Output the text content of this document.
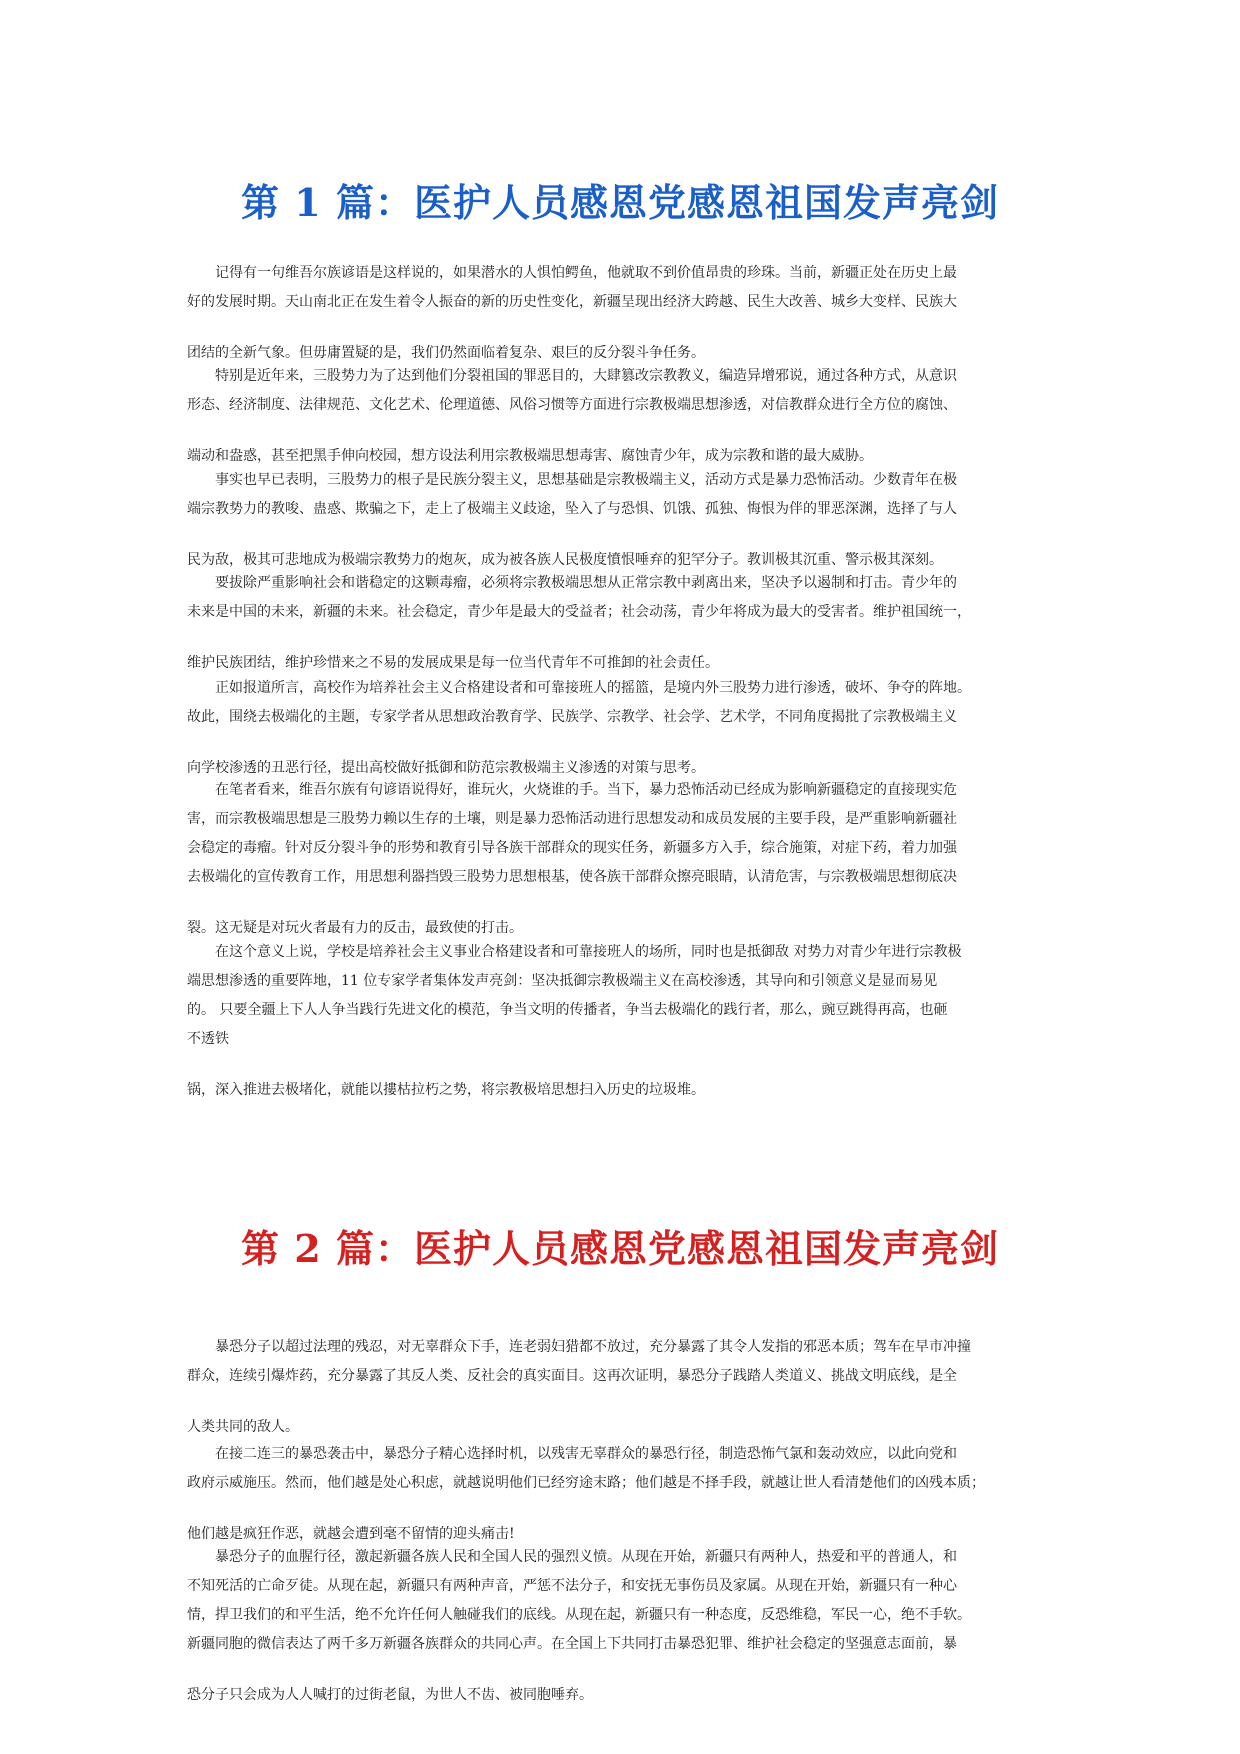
第 1 篇：医护人员感恩党感恩祖国发声亮剑
记得有一句维吾尔族谚语是这样说的，如果潜水的人惧怕鳄鱼，他就取不到价值昂贵的珍珠。当前，新疆正处在历史上最
好的发展时期。天山南北正在发生着令人振奋的新的历史性变化，新疆呈现出经济大跨越、民生大改善、城乡大变样、民族大
团结的全新气象。但毋庸置疑的是，我们仍然面临着复杂、艰巨的反分裂斗争任务。
特别是近年来，三股势力为了达到他们分裂祖国的罪恶目的，大肆篡改宗教教义，编造异增邪说，通过各种方式，从意识
形态、经济制度、法律规范、文化艺术、伦理道德、风俗习惯等方面进行宗教极端思想渗透，对信教群众进行全方位的腐蚀、
端动和盎惑，甚至把黑手伸向校园，想方设法利用宗教极端思想毒害、腐蚀青少年，成为宗教和谐的最大威胁。
事实也早已表明，三股势力的根子是民族分裂主义，思想基础是宗教极端主义，活动方式是暴力恐怖活动。少数青年在极
端宗教势力的教唆、蛊惑、欺骗之下，走上了极端主义歧途，坠入了与恐惧、饥饿、孤独、悔恨为伴的罪恶深渊，选择了与人
民为敌，极其可悲地成为极端宗教势力的炮灰，成为被各族人民极度憤恨唾弃的犯罕分子。教训极其沉重、警示极其深刻。
要拔除严重影响社会和谐稳定的这颗毒瘤，必须将宗教极端思想从正常宗教中剥离出来，坚决予以遏制和打击。青少年的
未来是中国的未来，新疆的未来。社会稳定，青少年是最大的受益者；社会动荡，青少年将成为最大的受害者。维护祖国统一，
维护民族团结，维护珍惜来之不易的发展成果是每一位当代青年不可推卸的社会责任。
正如报道所言，高校作为培养社会主义合格建设者和可靠接班人的摇篮，是境内外三股势力进行渗透，破坏、争夺的阵地。
故此，围绕去极端化的主题，专家学者从思想政治教育学、民族学、宗教学、社会学、艺术学，不同角度揭批了宗教极端主义
向学校渗透的丑恶行径，提出高校做好抵御和防范宗教极端主义渗透的对策与思考。
在笔者看来，维吾尔族有句谚语说得好，谁玩火，火烧谁的手。当下，暴力恐怖活动已经成为影响新疆稳定的直接现实危
害，而宗教极端思想是三股势力赖以生存的土壤，则是暴力恐怖活动进行思想发动和成员发展的主要手段，是严重影响新疆社
会稳定的毒瘤。针对反分裂斗争的形势和教育引导各族干部群众的现实任务，新疆多方入手，综合施策，对症下药，着力加强
去极端化的宣传教育工作，用思想利器挡毁三股势力思想根基，使各族干部群众擦亮眼睛，认清危害，与宗教极端思想彻底决
裂。这无疑是对玩火者最有力的反击，最致使的打击。
在这个意义上说，学校是培养社会主义事业合格建设者和可靠接班人的场所，同时也是抵御敌 对势力对青少年进行宗教极
端思想渗透的重要阵地，11 位专家学者集体发声亮剑：坚决抵御宗教极端主义在高校渗透，其导向和引领意义是显而易见
的。 只要全疆上下人人争当践行先进文化的模范，争当文明的传播者，争当去极端化的践行者，那么，豌豆跳得再高，也砸
不透铁
锅，深入推进去极堵化，就能以摟枯拉朽之势，将宗教极培思想扫入历史的垃圾堆。
第 2 篇：医护人员感恩党感恩祖国发声亮剑
暴恐分子以超过法理的残忍，对无辜群众下手，连老弱妇猎都不放过，充分暴露了其令人发指的邪恶本质；驾车在早市冲撞
群众，连续引爆炸药，充分暴露了其反人类、反社会的真实面目。这再次证明，暴恐分子践踏人类道义、挑战文明底线，是全
人类共同的敌人。
在接二连三的暴恐袭击中，暴恐分子精心选择时机，以残害无辜群众的暴恐行径，制造恐怖气氯和轰动效应，以此向党和
政府示威施压。然而，他们越是处心积虑，就越说明他们已经穷途末路；他们越是不择手段，就越让世人看清楚他们的凶残本质；
他们越是疯狂作恶，就越会遭到毫不留情的迎头痛击!
暴恐分子的血腥行径，激起新疆各族人民和全国人民的强烈义愤。从现在开始，新疆只有两种人，热爱和平的普通人，和
不知死活的亡命歹徒。从现在起，新疆只有两种声音，严惩不法分子，和安抚无事伤员及家属。从现在开始，新疆只有一种心
情，捍卫我们的和平生活，绝不允许任何人触碰我们的底线。从现在起，新疆只有一种态度，反恐维稳，军民一心，绝不手软。
新疆同胞的微信表达了两千多万新疆各族群众的共同心声。在全国上下共同打击暴恐犯罪、维护社会稳定的坚强意志面前，暴
恐分子只会成为人人喊打的过街老鼠，为世人不齿、被同胞唾弃。
